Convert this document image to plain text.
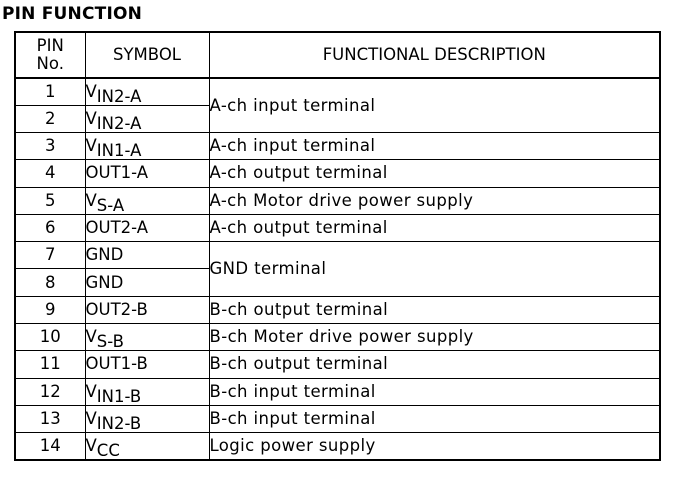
PIN FUNCTION
PIN
No.	SYMBOL	FUNCTIONAL DESCRIPTION
1	$V_{IN2-A}$	A-ch input terminal
2	$V_{IN2-A}$
3	$V_{IN1-A}$	A-ch input terminal
4	OUT1-A	A-ch output terminal
5	$V_{S-A}$	A-ch Motor drive power supply
6	OUT2-A	A-ch output terminal
7	GND	GND terminal
8	GND	
9	OUT2-B	B-ch output terminal
10	$V_{S-B}$	B-ch Moter drive power supply
11	OUT1-B	B-ch output terminal
12	$V_{IN1-B}$	B-ch input terminal
13	$V_{IN2-B}$	B-ch input terminal
14	$V_{CC}$	Logic power supply
